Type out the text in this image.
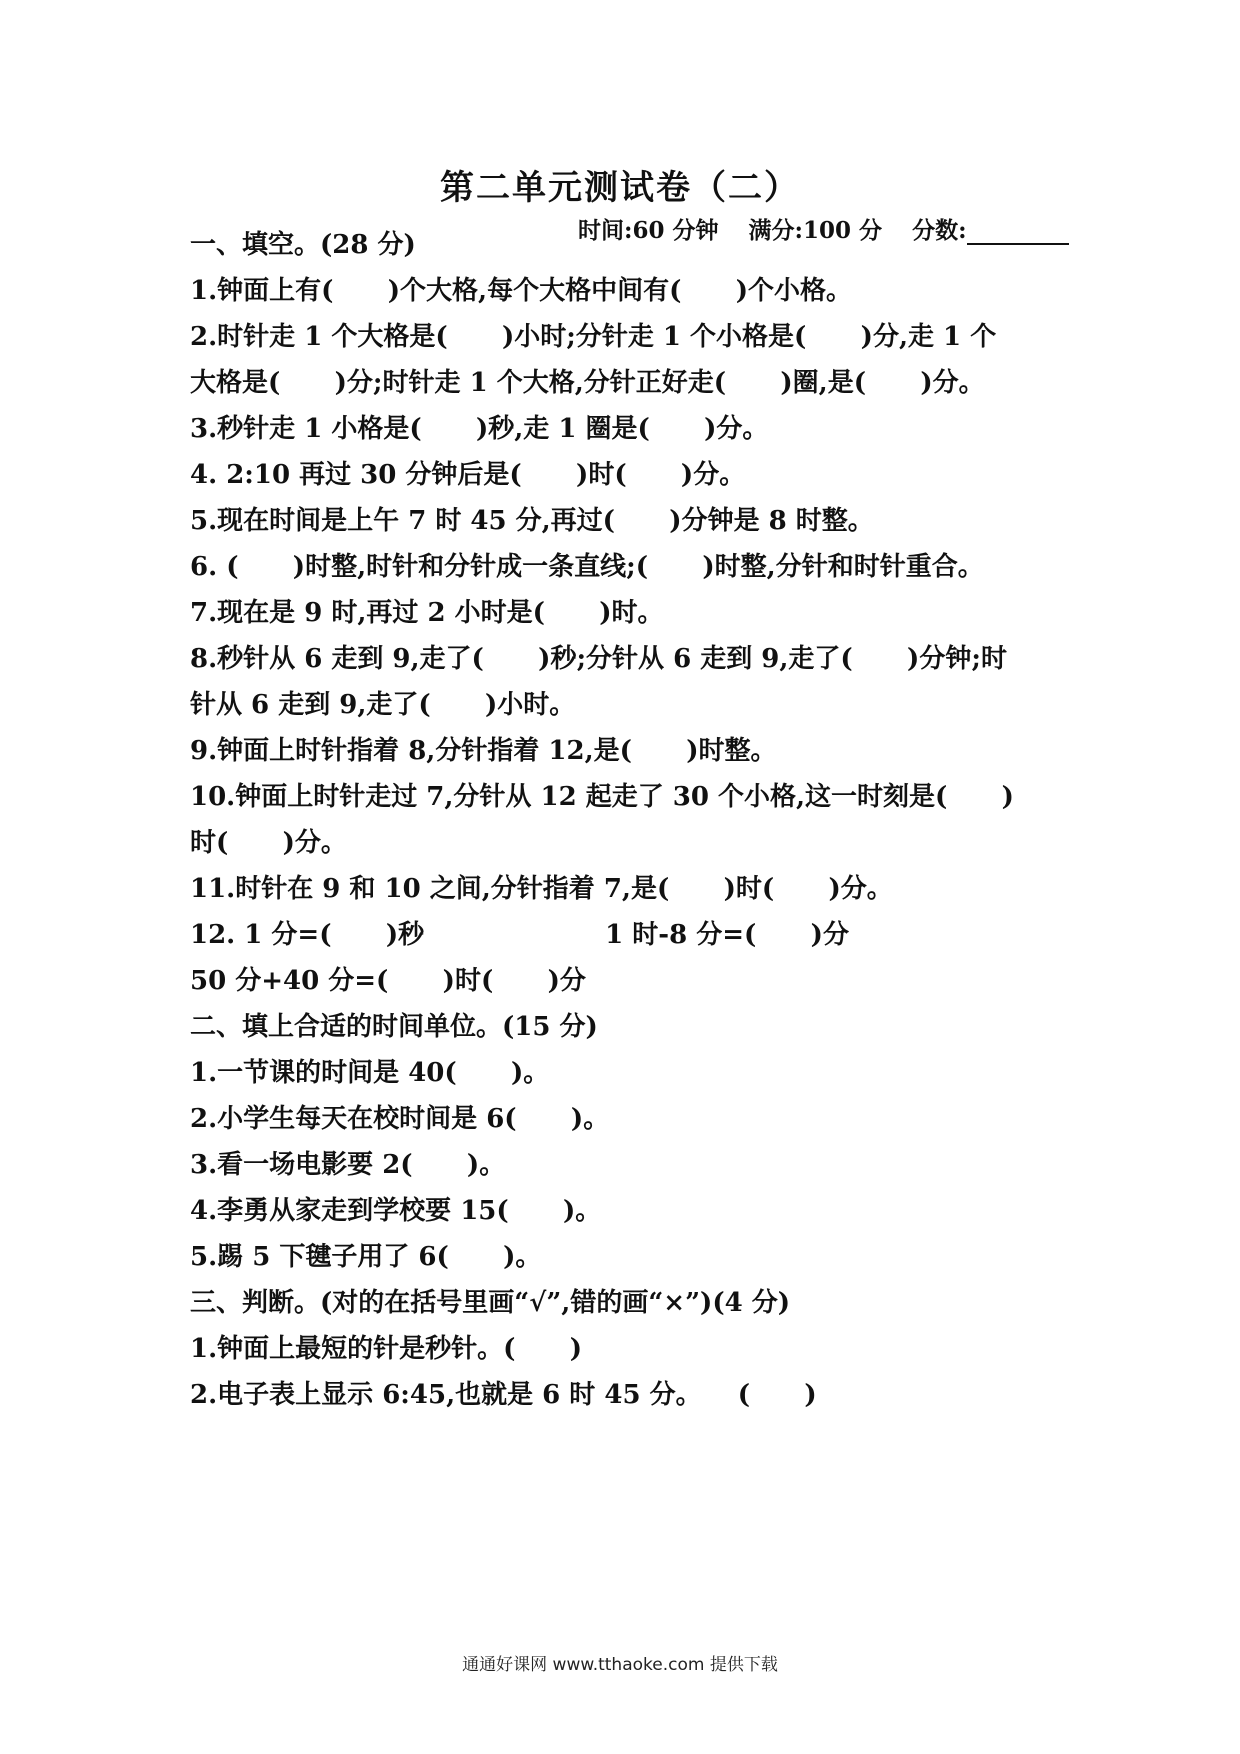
第二单元测试卷（二）
时间:60 分钟 满分:100 分 分数:
一、填空。(28 分)
1.钟面上有(      )个大格,每个大格中间有(      )个小格。
2.时针走 1 个大格是(      )小时;分针走 1 个小格是(      )分,走 1 个
大格是(      )分;时针走 1 个大格,分针正好走(      )圈,是(      )分。
3.秒针走 1 小格是(      )秒,走 1 圈是(      )分。
4. 2:10 再过 30 分钟后是(      )时(      )分。
5.现在时间是上午 7 时 45 分,再过(      )分钟是 8 时整。
6. (      )时整,时针和分针成一条直线;(      )时整,分针和时针重合。
7.现在是 9 时,再过 2 小时是(      )时。
8.秒针从 6 走到 9,走了(      )秒;分针从 6 走到 9,走了(      )分钟;时
针从 6 走到 9,走了(      )小时。
9.钟面上时针指着 8,分针指着 12,是(      )时整。
10.钟面上时针走过 7,分针从 12 起走了 30 个小格,这一时刻是(      )
时(      )分。
11.时针在 9 和 10 之间,分针指着 7,是(      )时(      )分。
12. 1 分=(      )秒                    1 时-8 分=(      )分
50 分+40 分=(      )时(      )分
二、填上合适的时间单位。(15 分)
1.一节课的时间是 40(      )。
2.小学生每天在校时间是 6(      )。
3.看一场电影要 2(      )。
4.李勇从家走到学校要 15(      )。
5.踢 5 下毽子用了 6(      )。
三、判断。(对的在括号里画“√”,错的画“×”)(4 分)
1.钟面上最短的针是秒针。(      )
2.电子表上显示 6:45,也就是 6 时 45 分。    (      )
通通好课网 www.tthaoke.com 提供下载
